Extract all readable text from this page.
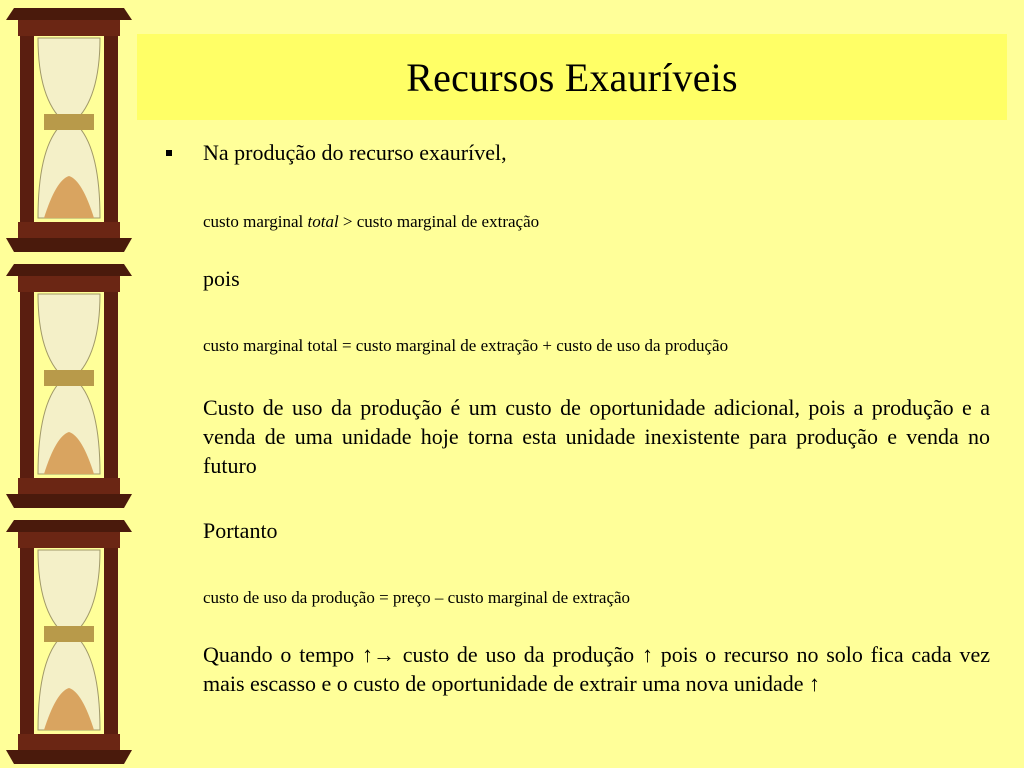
Recursos Exauríveis
Na produção do recurso exaurível,
custo marginal total > custo marginal de extração
pois
custo marginal total = custo marginal de extração + custo de uso da produção
Custo de uso da produção é um custo de oportunidade adicional, pois a produção e a venda de uma unidade hoje torna esta unidade inexistente para produção e venda no futuro
Portanto
custo de uso da produção = preço – custo marginal de extração
Quando o tempo ↑→ custo de uso da produção ↑ pois o recurso no solo fica cada vez mais escasso e o custo de oportunidade de extrair uma nova unidade ↑
